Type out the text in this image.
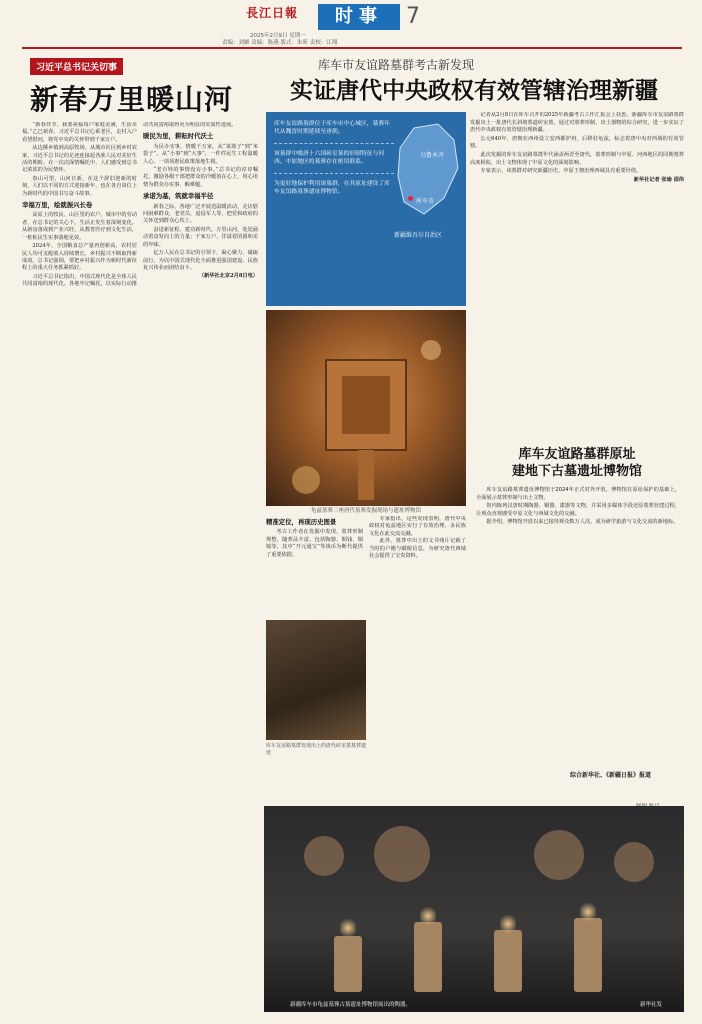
長江日報	时事	7
2025年2月9日 星期一
责编：刘雁 责编：陈燕 版式：朱昕 责校：江翔
习近平总书记关切事
新春万里暖山河

“新春佳节，我要祝福每户家庭美满，生活幸福。”乙巳新春，习近平总书记心系老区，走村入户看望慰问，将党中央的关怀带到千家万户。

从边陲乡镇到高原牧场，从城市社区到乡村农家，习近平总书记的足迹连接起各族人民对美好生活的期盼。在一次次深情嘱托中，人们感受到总书记浓浓的为民情怀。

春山可望，山河日新。在这个辞旧迎新的时刻，人们以不同的方式迎接新年，也在各自岗位上为新时代的中国书写奋斗故事。

幸福万里，绘就振兴长卷

高原上的牧民、山区里的农户、城市中的劳动者，在总书记的关心下，生活正发生着深刻变化。从新房落成到产业兴旺，从教育医疗到文化生活，一桩桩民生实事落地见效。

2024年，全国粮食总产量再创新高，农村居民人均可支配收入持续增长，乡村振兴不断取得新成效。总书记强调，要把乡村振兴作为新时代新征程上的重大任务抓紧抓好。

习近平总书记指出，中国式现代化是全体人民共同富裕的现代化。各地牢记嘱托，以实际行动推动共同富裕取得更为明显的实质性进展。

暖民为里，耕耘时代沃土

为民办实事，情暖千万家。从“菜篮子”到“米袋子”，从“小事”到“大事”，一件件民生工程温暖人心，一项项惠民政策落地生根。

“老百姓的事情没有小事。”总书记的谆谆嘱托，激励各级干部把群众的冷暖放在心上，用心用情为群众办实事、解难题。

承诺为基，筑就幸福半径

新春之际，各地广泛开展送温暖活动，走访慰问困难群众、老党员、退役军人等，把党和政府的关怀送到群众心坎上。

奋进新征程，建功新时代。万里山河，处处涌动着奋发向上的力量；千家万户，洋溢着团圆和美的年味。

亿万人民在总书记的引领下，凝心聚力、砥砺前行，为以中国式现代化全面推进强国建设、民族复兴伟业而团结奋斗。

（新华社北京2月8日电）

库车市友谊路墓群考古新发现
实证唐代中央政权有效管辖治理新疆

库车友谊路墓群位于库车市中心城区，墓葬年代从魏晋时期延续至唐朝。

该墓群中晚唐十六国砖室墓的形制特征与河西、中原地区的墓葬存在密切联系。

为更好地保护利用该墓群，在其原址建设了库车友谊路墓葬遗址博物馆。

乌鲁木齐
库车市
新疆维吾尔自治区
龟兹墓葬三座唐代墓葬发掘现场与遗址博物馆

记者从2月8日在库车召开的2025年新疆考古工作汇报会上获悉，新疆库车市友谊路墓群发掘出土一批唐代长斜坡墓道砖室墓，通过对墓葬形制、出土器物的综合研究，进一步实证了唐代中央政权有效管辖治理新疆。

公元640年，唐朝在西州设立安西都护府，后移驻龟兹，标志着唐中央对西域的有效管辖。

此次发掘的库车友谊路墓群年代涵盖两晋至唐代，墓葬形制与中原、河西地区的同期墓葬高度相似，出土文物体现了中原文化的深刻影响。

专家表示，该墓群对研究新疆历史、中原王朝治理西域具有重要价值。

新华社记者 张瑜 邵伟

精准定位，再现历史图景

考古工作者在发掘中发现，墓葬形制规整，随葬品丰富，包括陶器、铜钱、铜镜等，其中“开元通宝”等钱币为断代提供了重要依据。

专家指出，这些发现表明，唐代中央政权对龟兹地区实行了有效治理，多民族文化在此交流交融。

此外，墓葬中出土的文书残片记载了当时的户籍与赋税信息，为研究唐代西域社会提供了宝贵资料。

库车友谊路墓群发现出土的唐代砖室墓墓葬遗迹
库车友谊路墓群原址
建地下古墓遗址博物馆

库车友谊路墓葬遗址博物馆于2024年正式对外开放，博物馆在原址保护的基础上，全面展示墓葬形制与出土文物。

馆内陈列汉唐时期陶器、铜器、漆器等文物，并采用多媒体手段还原墓葬营建过程，让观众直观感受中原文化与西域文化的交融。

据介绍，博物馆开放以来已接待观众数万人次，成为研学旅游与文化交流的新地标。

综合新华社、《新疆日报》报道
新疆库车市龟兹墓葬古墓遗址博物馆展出的陶器。	新华社发
